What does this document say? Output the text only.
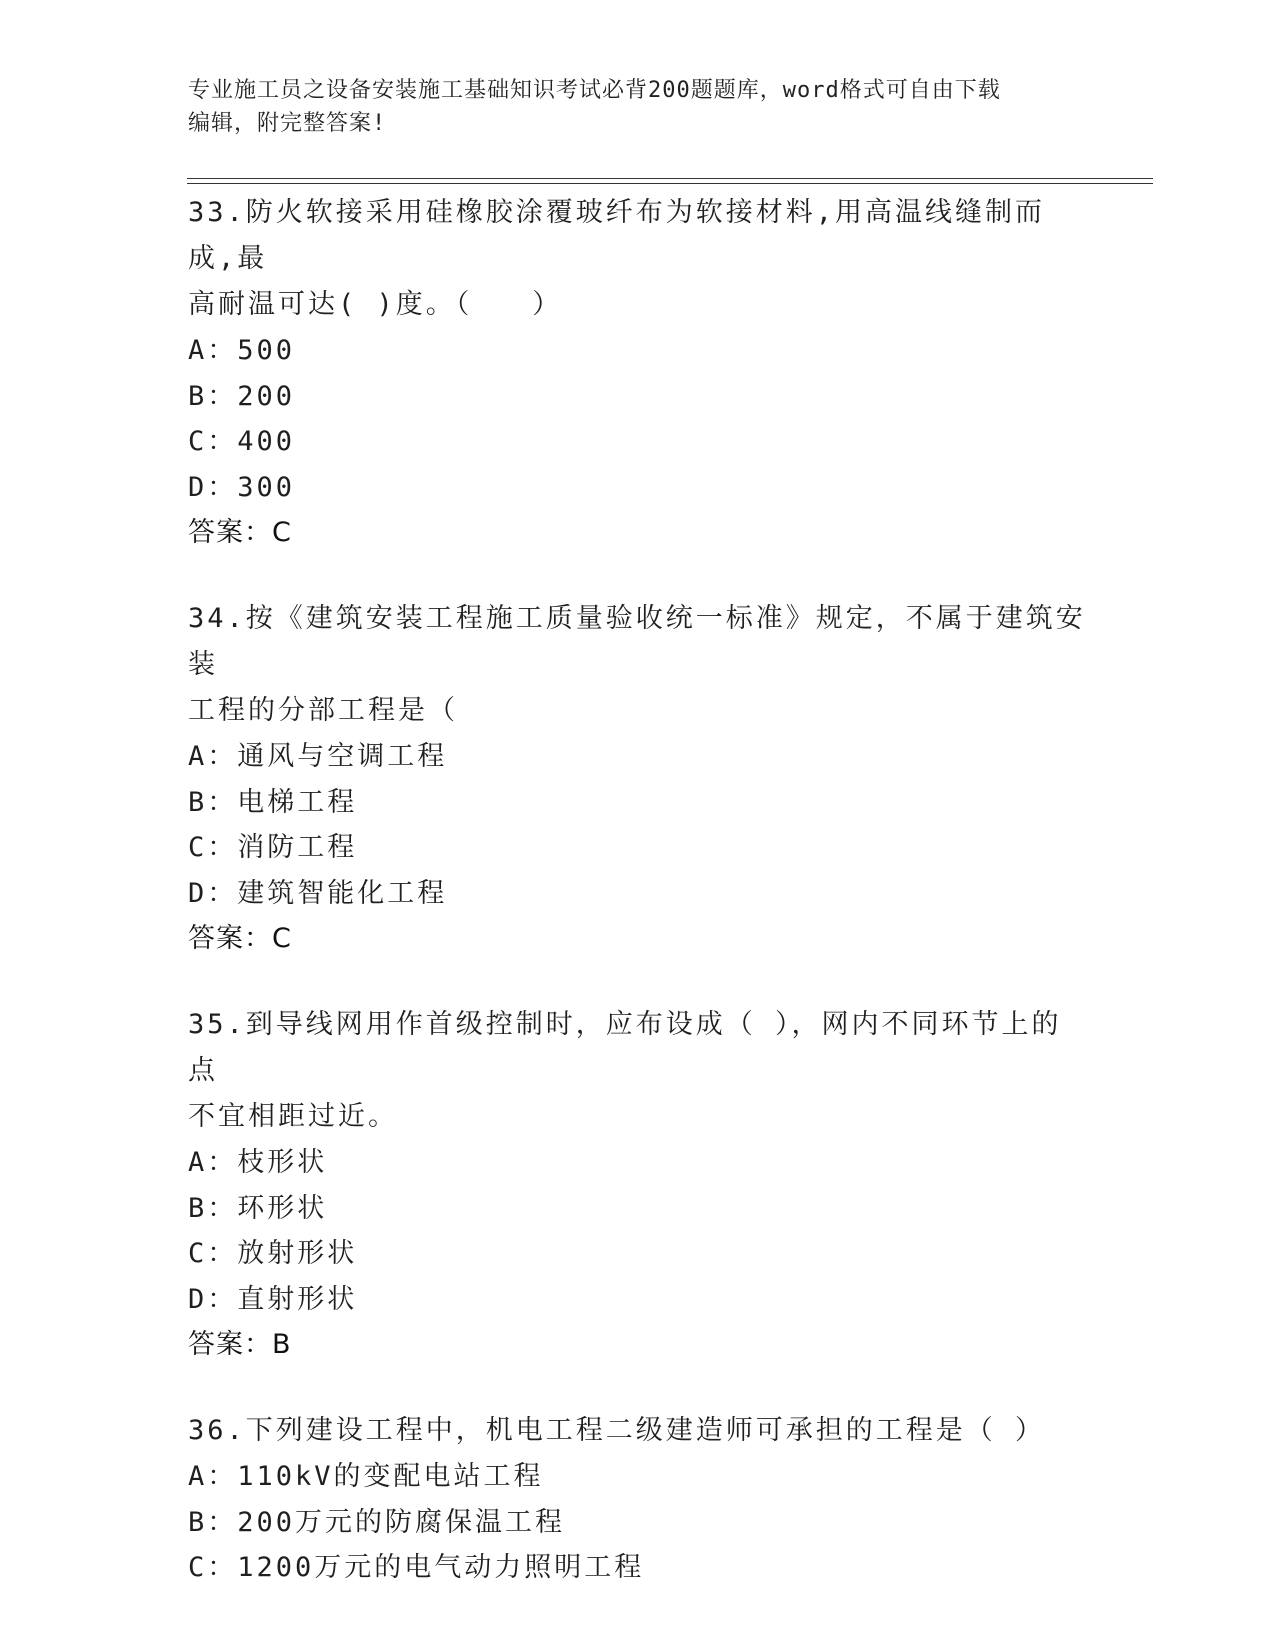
专业施工员之设备安装施工基础知识考试必背200题题库，word格式可自由下载
编辑，附完整答案!
33.防火软接采用硅橡胶涂覆玻纤布为软接材料,用高温线缝制而成,最
高耐温可达( )度。（　　）
A：500
B：200
C：400
D：300
答案：C
34.按《建筑安装工程施工质量验收统一标准》规定，不属于建筑安装
工程的分部工程是（
A：通风与空调工程
B：电梯工程
C：消防工程
D：建筑智能化工程
答案：C
35.到导线网用作首级控制时，应布设成（ ），网内不同环节上的点
不宜相距过近。
A：枝形状
B：环形状
C：放射形状
D：直射形状
答案：B
36.下列建设工程中，机电工程二级建造师可承担的工程是（ ）
A：110kV的变配电站工程
B：200万元的防腐保温工程
C：1200万元的电气动力照明工程
